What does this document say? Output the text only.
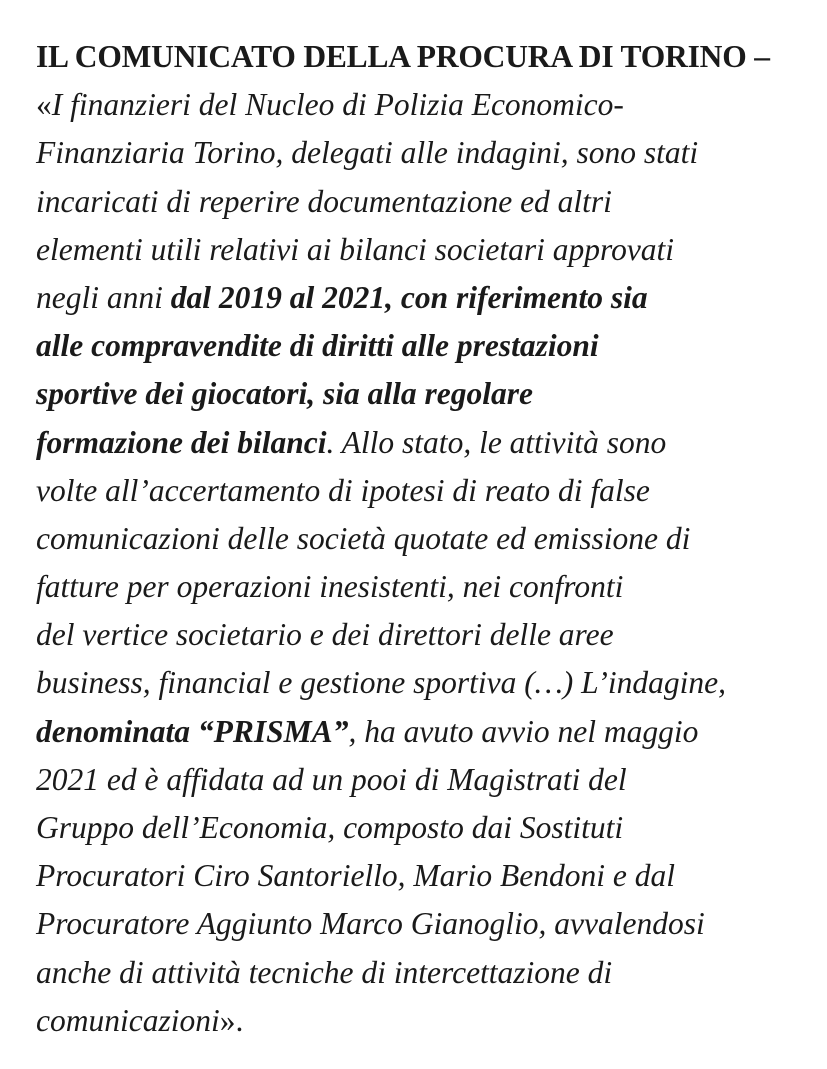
IL COMUNICATO DELLA PROCURA DI TORINO –
«I finanzieri del Nucleo di Polizia Economico-
Finanziaria Torino, delegati alle indagini, sono stati
incaricati di reperire documentazione ed altri
elementi utili relativi ai bilanci societari approvati
negli anni dal 2019 al 2021, con riferimento sia
alle compravendite di diritti alle prestazioni
sportive dei giocatori, sia alla regolare
formazione dei bilanci. Allo stato, le attività sono
volte all’accertamento di ipotesi di reato di false
comunicazioni delle società quotate ed emissione di
fatture per operazioni inesistenti, nei confronti
del vertice societario e dei direttori delle aree
business, financial e gestione sportiva (…) L’indagine,
denominata “PRISMA”, ha avuto avvio nel maggio
2021 ed è affidata ad un pooi di Magistrati del
Gruppo dell’Economia, composto dai Sostituti
Procuratori Ciro Santoriello, Mario Bendoni e dal
Procuratore Aggiunto Marco Gianoglio, avvalendosi
anche di attività tecniche di intercettazione di
comunicazioni».
